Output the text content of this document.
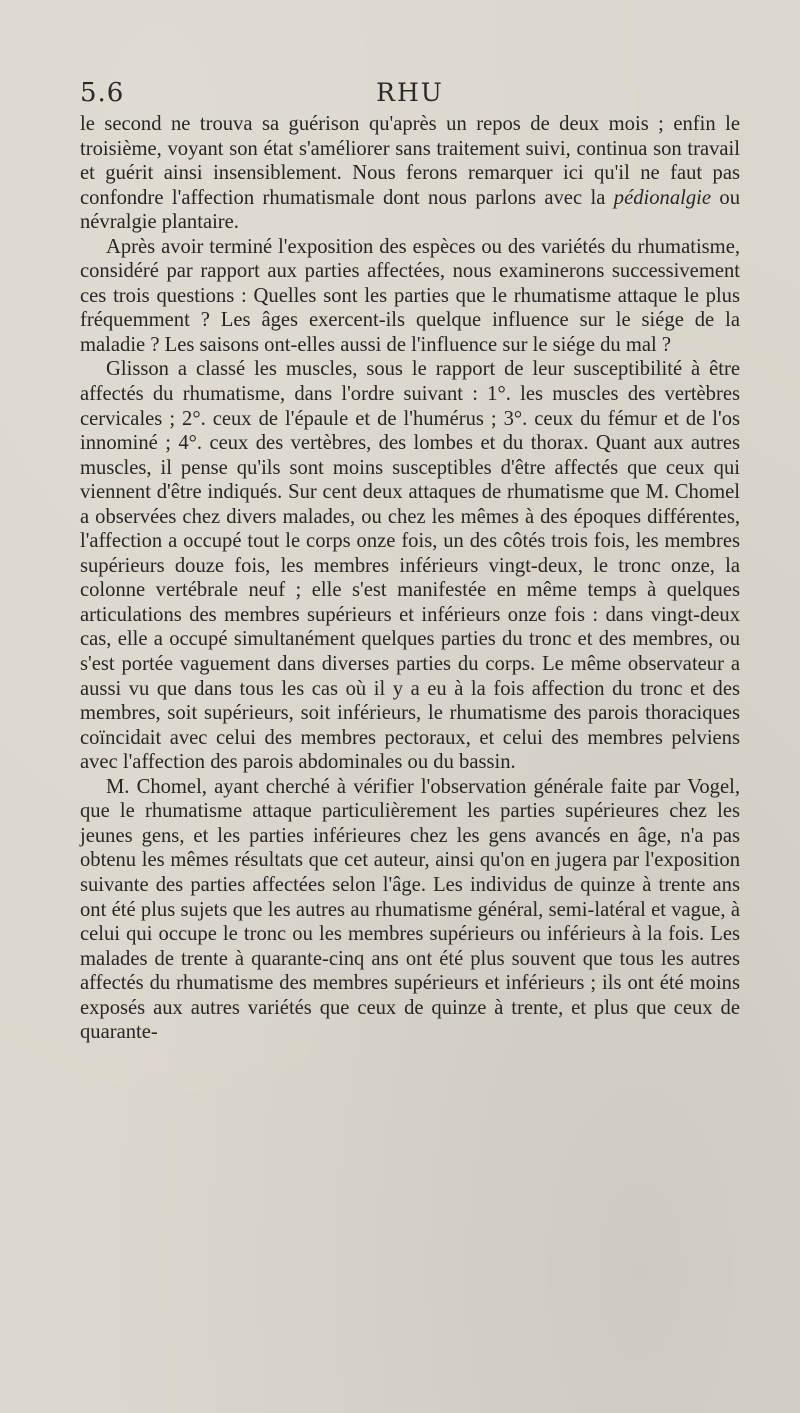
5.6	RHU

le second ne trouva sa guérison qu'après un repos de deux mois ; enfin le troisième, voyant son état s'améliorer sans traitement suivi, continua son travail et guérit ainsi insensiblement. Nous ferons remarquer ici qu'il ne faut pas confondre l'affection rhumatismale dont nous parlons avec la pédionalgie ou névralgie plantaire.

Après avoir terminé l'exposition des espèces ou des variétés du rhumatisme, considéré par rapport aux parties affectées, nous examinerons successivement ces trois questions : Quelles sont les parties que le rhumatisme attaque le plus fréquemment ? Les âges exercent-ils quelque influence sur le siége de la maladie ? Les saisons ont-elles aussi de l'influence sur le siége du mal ?

Glisson a classé les muscles, sous le rapport de leur susceptibilité à être affectés du rhumatisme, dans l'ordre suivant : 1°. les muscles des vertèbres cervicales ; 2°. ceux de l'épaule et de l'humérus ; 3°. ceux du fémur et de l'os innominé ; 4°. ceux des vertèbres, des lombes et du thorax. Quant aux autres muscles, il pense qu'ils sont moins susceptibles d'être affectés que ceux qui viennent d'être indiqués. Sur cent deux attaques de rhumatisme que M. Chomel a observées chez divers malades, ou chez les mêmes à des époques différentes, l'affection a occupé tout le corps onze fois, un des côtés trois fois, les membres supérieurs douze fois, les membres inférieurs vingt-deux, le tronc onze, la colonne vertébrale neuf ; elle s'est manifestée en même temps à quelques articulations des membres supérieurs et inférieurs onze fois : dans vingt-deux cas, elle a occupé simultanément quelques parties du tronc et des membres, ou s'est portée vaguement dans diverses parties du corps. Le même observateur a aussi vu que dans tous les cas où il y a eu à la fois affection du tronc et des membres, soit supérieurs, soit inférieurs, le rhumatisme des parois thoraciques coïncidait avec celui des membres pectoraux, et celui des membres pelviens avec l'affection des parois abdominales ou du bassin.

M. Chomel, ayant cherché à vérifier l'observation générale faite par Vogel, que le rhumatisme attaque particulièrement les parties supérieures chez les jeunes gens, et les parties inférieures chez les gens avancés en âge, n'a pas obtenu les mêmes résultats que cet auteur, ainsi qu'on en jugera par l'exposition suivante des parties affectées selon l'âge. Les individus de quinze à trente ans ont été plus sujets que les autres au rhumatisme général, semi-latéral et vague, à celui qui occupe le tronc ou les membres supérieurs ou inférieurs à la fois. Les malades de trente à quarante-cinq ans ont été plus souvent que tous les autres affectés du rhumatisme des membres supérieurs et inférieurs ; ils ont été moins exposés aux autres variétés que ceux de quinze à trente, et plus que ceux de quarante-
